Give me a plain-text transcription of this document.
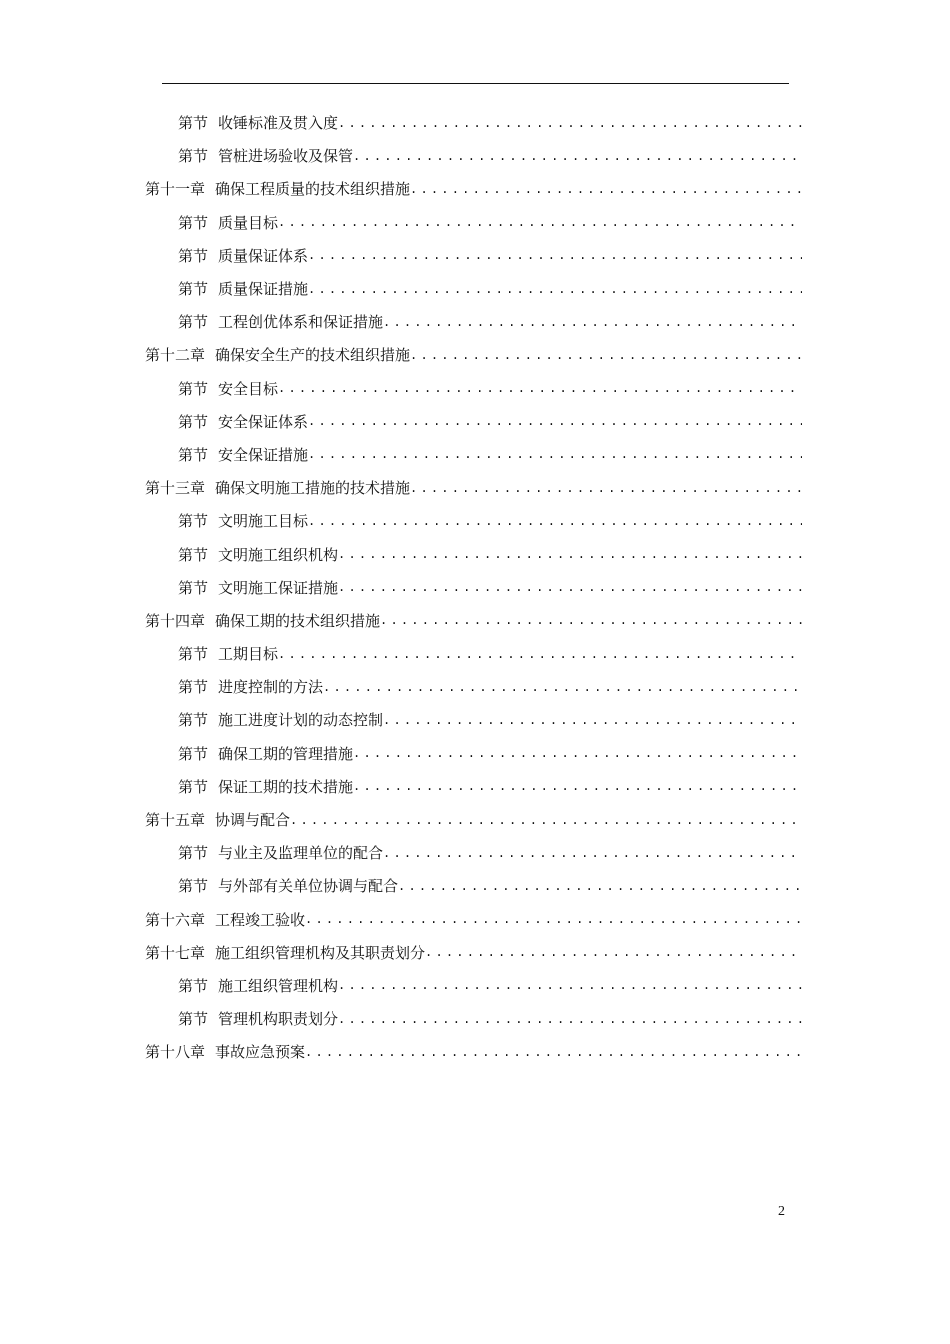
第节 收锤标准及贯入度
.....
第节 管桩进场验收及保管
.....
第十一章 确保工程质量的技术组织措施
.....
第节 质量目标
.....
第节 质量保证体系
.....
第节 质量保证措施
.....
第节 工程创优体系和保证措施
.....
第十二章 确保安全生产的技术组织措施
.....
第节 安全目标
.....
第节 安全保证体系
.....
第节 安全保证措施
.....
第十三章 确保文明施工措施的技术措施
.....
第节 文明施工目标
.....
第节 文明施工组织机构
.....
第节 文明施工保证措施
.....
第十四章 确保工期的技术组织措施
.....
第节 工期目标
.....
第节 进度控制的方法
.....
第节 施工进度计划的动态控制
.....
第节 确保工期的管理措施
.....
第节 保证工期的技术措施
.....
第十五章 协调与配合
.....
第节 与业主及监理单位的配合
.....
第节 与外部有关单位协调与配合
.....
第十六章 工程竣工验收
.....
第十七章 施工组织管理机构及其职责划分
.....
第节 施工组织管理机构
.....
第节 管理机构职责划分
.....
第十八章 事故应急预案
.....
2
